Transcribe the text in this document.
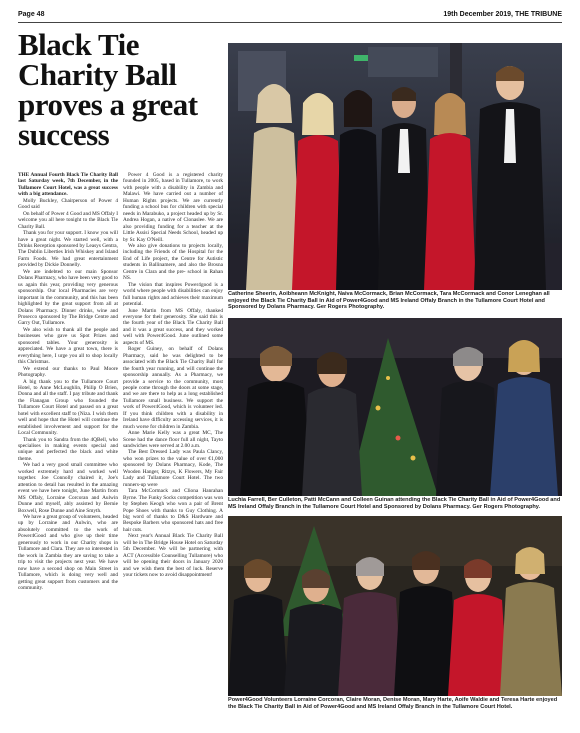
Page 48	19th December 2019, THE TRIBUNE
Black Tie Charity Ball proves a great success

THE Annual Fourth Black Tie Charity Ball last Saturday week, 7th December, in the Tullamore Court Hotel, was a great success with a big attendance.

Molly Buckley, Chairperson of Power 4 Good said

On behalf of Power 4 Good and MS Offaly I welcome you all here tonight to the Black Tie Charity Ball.

Thank you for your support. I know you will have a great night. We started well, with a Drinks Reception sponsored by Leasys Gentra, The Dublin Liberties Irish Whiskey and Island Farm Foods. We had great entertainment provided by Dickie Donnelly.

We are indebted to our main Sponsor Dolans Pharmacy, who have been very good to us again this year, providing very generous sponsorship. Our local Pharmacies are very important in the community, and this has been highlighted by the great support from all at Dolans Pharmacy. Dinner drinks, wine and Prosecco sponsored by The Bridge Centre and Garry Out, Tullamore.

We also wish to thank all the people and businesses who gave us Spot Prizes and sponsored tables. Your generosity is appreciated. We have a great town, there is everything here, I urge you all to shop locally this Christmas.

We extend our thanks to Paul Moore Photography.

A big thank you to the Tullamore Court Hotel, to Anne McLoughlin, Philip O Brien, Donna and all the staff. I pay tribute and thank the Flanagan Group who founded the Tullamore Court Hotel and passed on a great hotel with excellent staff to (Niza. I wish them well and hope that the Hotel will continue the established involvement and support for the Local Community.

Thank you to Sandra from the 4QBell, who specialises in making events special and unique and perfected the black and white theme.

We had a very good small committee who worked extremely hard and worked well together. Joe Connolly chaired it, Joe's attention to detail has resulted in the amazing event we have here tonight, June Martin from MS Offaly, Lorraine Corcoran and Aulwin Dunne and myself, ably assisted by Bernie Boxwell, Rose Dunne and Aine Smyth.

We have a great group of volunteers, headed up by Lorraine and Aulwin, who are absolutely committed to the work of Power4Good and who give up their time generously to work in our Charity shops in Tullamore and Clara. They are so interested in the work in Zambia they are saving to take a trip to visit the projects next year. We have now have a second shop on Main Street in Tullamore, which is doing very well and getting great support from customers and the community.

Power 4 Good is a registered charity founded in 2005, based in Tullamore, to work with people with a disability in Zambia and Malawi. We have carried out a number of Human Rights projects. We are currently funding a school bus for children with special needs in Marabuko, a project headed up by Sr. Andrea Hogan, a native of Clonaslee. We are also providing funding for a teacher at the Little Assisi Special Needs School, headed up by Sr. Kay O'Neill.

We also give donations to projects locally, including the Friends of the Hospital for the End of Life project, the Centre for Autistic students in Ballinamere, and also the Brosna Centre in Clara and the pre- school in Rahan NS.

The vision that inspires Power4good is a world where people with disabilities can enjoy full human rights and achieves their maximum potential.

June Martin from MS Offaly, thanked everyone for their generosity. She said this is the fourth year of the Black Tie Charity Ball and it was a great success, and they worked well with Power4Good. June outlined some aspects of MS.

Roger Guiney, on behalf of Dolans Pharmacy, said he was delighted to be associated with the Black Tie Charity Ball for the fourth year running, and will continue the sponsorship annually. As a Pharmacy, we provide a service to the community, most people come through the doors at some stage, and we are there to help as a long established Tullamore small business. We support the work of Power4Good, which is volunteer led. If you think children with a disability in Ireland have difficulty accessing services, it is much worse for children in Zambia.

Anne Marie Kelly was a great MC, The Scene had the dance floor full all night, Tayto sandwiches were served at 2.00 a.m.

The Best Dressed Lady was Paula Clancy, who won prizes to the value of over €1,000 sponsored by Dolans Pharmacy, Kode, The Wooden Hanger, Ritzys, K Flowers, My Fair Lady and Tullamore Court Hotel. The two runners-up were

Tara McCormack and Cliona Hanrahan Byrne. The Funky Socks competition was won by Stephen Keogh who won a pair of Brent Pope Shoes with thanks to Guy Clothing. A big word of thanks to D&S Hardware and Bespoke Barbers who sponsored hats and free hair cuts.

Next year's Annual Black Tie Charity Ball will be in The Bridge House Hotel on Saturday 5th December. We will be partnering with ACT (Accessible Counselling Tullamore) who will be opening their doors in January 2020 and we wish them the best of luck. Reserve your tickets now to avoid disappointment!

Catherine Sheerin, Aoibheann McKnight, Naiva McCormack, Brian McCormack, Tara McCormack and Conor Leneghan all enjoyed the Black Tie Charity Ball in Aid of Power4Good and MS Ireland Offaly Branch in the Tullamore Court Hotel and Sponsored by Dolans Pharmacy. Ger Rogers Photography.

Luchia Farrell, Ber Culleton, Patti McCann and Colleen Guinan attending the Black Tie Charity Ball in Aid of Power4Good and MS Ireland Offaly Branch in the Tullamore Court Hotel and Sponsored by Dolans Pharmacy. Ger Rogers Photography.

Power4Good Volunteers Lorraine Corcoran, Claire Moran, Denise Moran, Mary Harte, Aoife Waldie and Teresa Harte enjoyed the Black Tie Charity Ball in Aid of Power4Good and MS Ireland Offaly Branch in the Tullamore Court Hotel.
